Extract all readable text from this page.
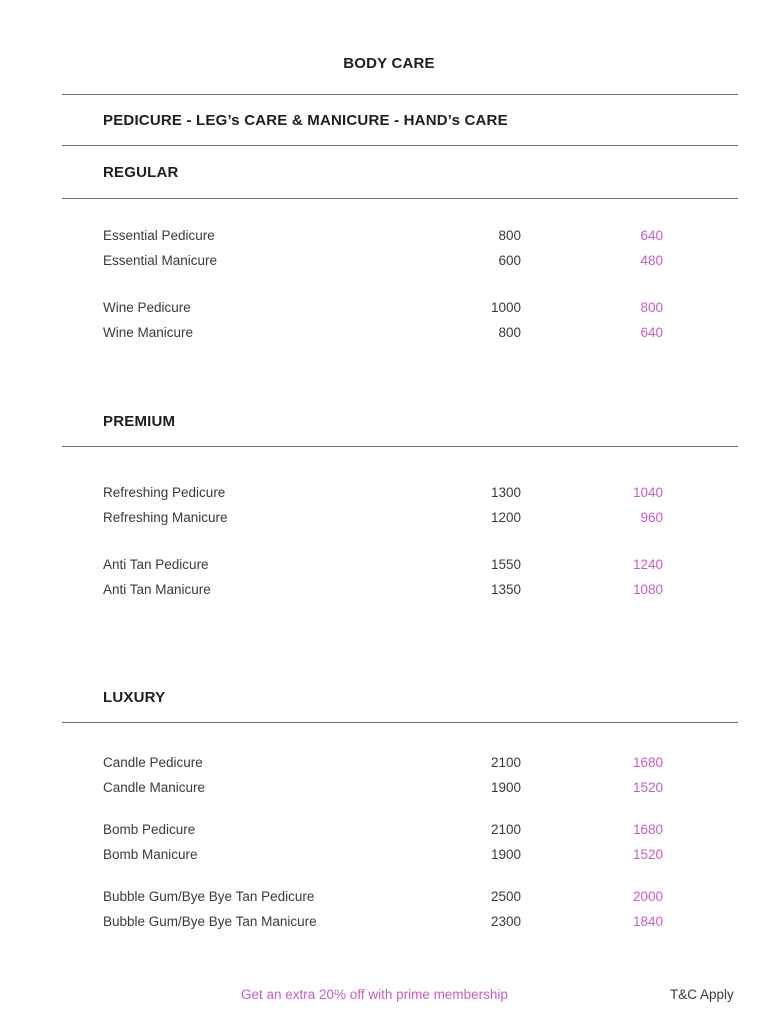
BODY CARE
PEDICURE - LEG’s CARE & MANICURE - HAND’s CARE
REGULAR
Essential Pedicure	800	640
Essential Manicure	600	480
Wine Pedicure	1000	800
Wine Manicure	800	640
PREMIUM
Refreshing Pedicure	1300	1040
Refreshing Manicure	1200	960
Anti Tan Pedicure	1550	1240
Anti Tan Manicure	1350	1080
LUXURY
Candle Pedicure	2100	1680
Candle Manicure	1900	1520
Bomb Pedicure	2100	1680
Bomb Manicure	1900	1520
Bubble Gum/Bye Bye Tan Pedicure	2500	2000
Bubble Gum/Bye Bye Tan Manicure	2300	1840
Get an extra 20% off with prime membership	T&C Apply
